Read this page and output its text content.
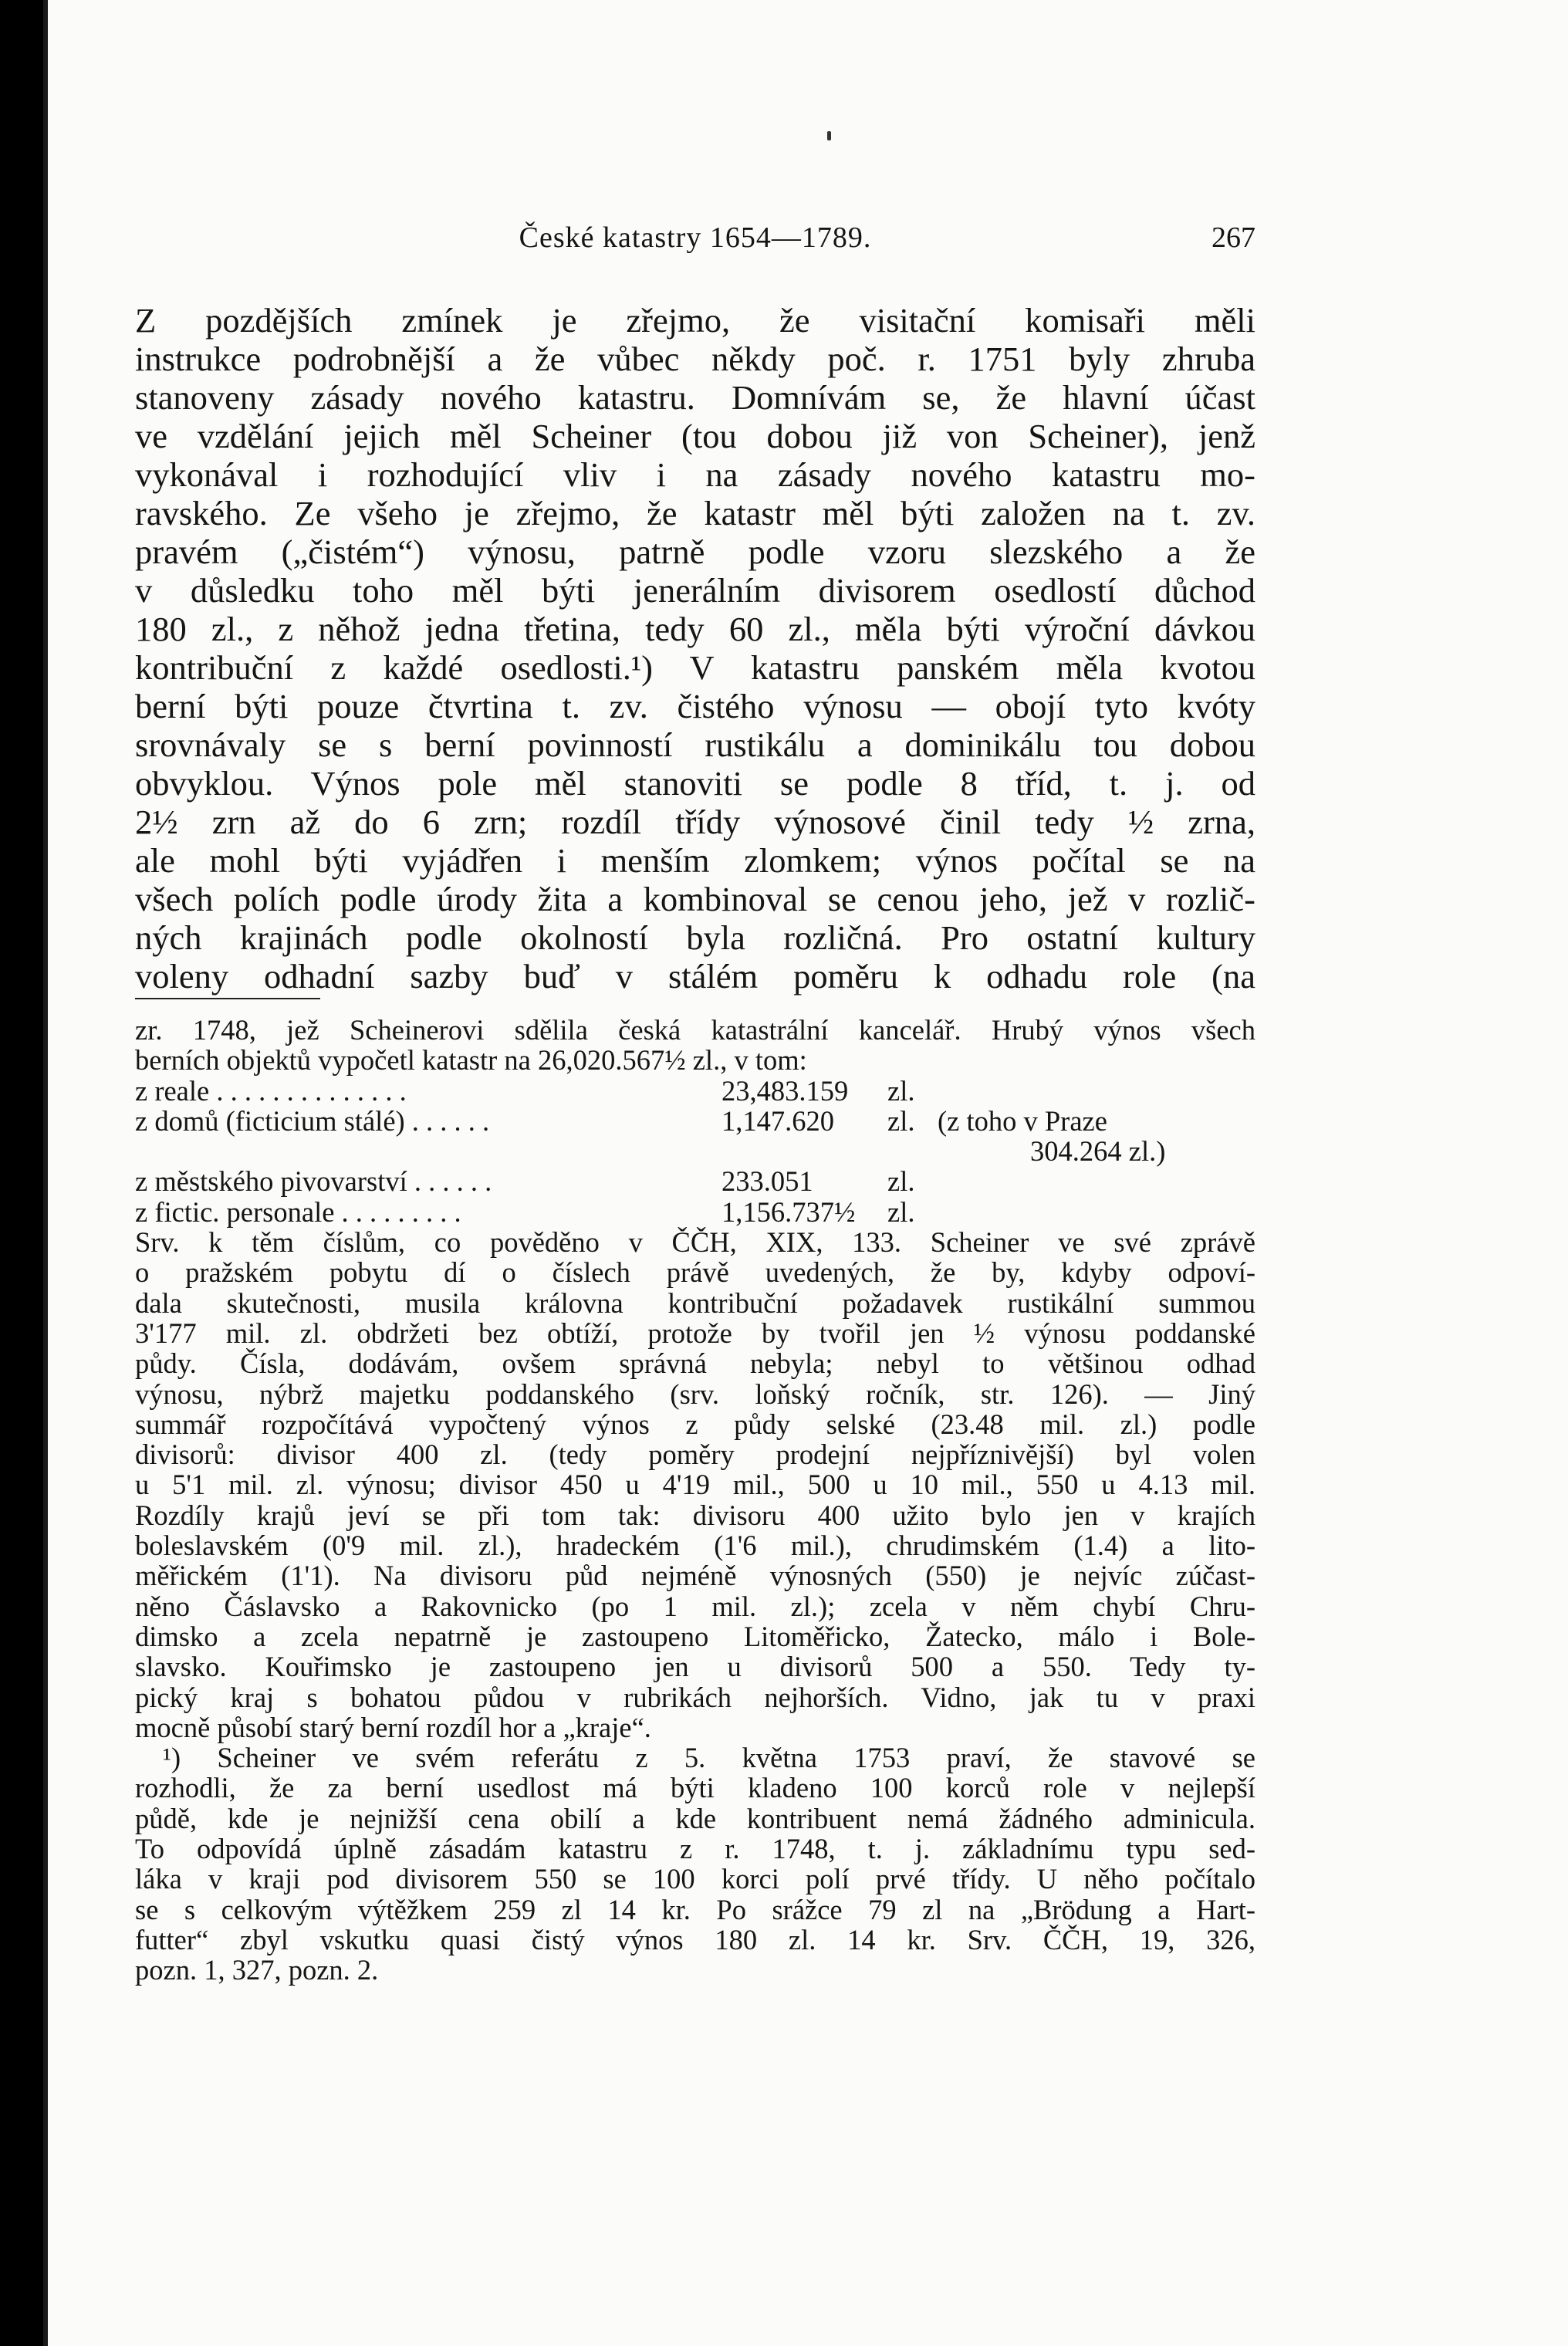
České katastry 1654—1789.	267
Z pozdějších zmínek je zřejmo, že visitační komisaři měli
instrukce podrobnější a že vůbec někdy poč. r. 1751 byly zhruba
stanoveny zásady nového katastru. Domnívám se, že hlavní účast
ve vzdělání jejich měl Scheiner (tou dobou již von Scheiner), jenž
vykonával i rozhodující vliv i na zásady nového katastru mo-
ravského. Ze všeho je zřejmo, že katastr měl býti založen na t. zv.
pravém („čistém“) výnosu, patrně podle vzoru slezského a že
v důsledku toho měl býti jenerálním divisorem osedlostí důchod
180 zl., z něhož jedna třetina, tedy 60 zl., měla býti výroční dávkou
kontribuční z každé osedlosti.¹) V katastru panském měla kvotou
berní býti pouze čtvrtina t. zv. čistého výnosu — obojí tyto kvóty
srovnávaly se s berní povinností rustikálu a dominikálu tou dobou
obvyklou. Výnos pole měl stanoviti se podle 8 tříd, t. j. od
2½ zrn až do 6 zrn; rozdíl třídy výnosové činil tedy ½ zrna,
ale mohl býti vyjádřen i menším zlomkem; výnos počítal se na
všech polích podle úrody žita a kombinoval se cenou jeho, jež v rozlič-
ných krajinách podle okolností byla rozličná. Pro ostatní kultury
voleny odhadní sazby buď v stálém poměru k odhadu role (na
zr. 1748, jež Scheinerovi sdělila česká katastrální kancelář. Hrubý výnos všech
berních objektů vypočetl katastr na 26,020.567½ zl., v tom:
z reale . . . . . . . . . . . . . .	23,483.159 zl.
z domů (ficticium stálé) . . . . . .	1,147.620 zl. (z toho v Praze
304.264 zl.)
z městského pivovarství . . . . . .	233.051	zl.
z fictic. personale . . . . . . . . .	1,156.737½ zl.
Srv. k těm číslům, co pověděno v ČČH, XIX, 133. Scheiner ve své zprávě
o pražském pobytu dí o číslech právě uvedených, že by, kdyby odpoví-
dala skutečnosti, musila královna kontribuční požadavek rustikální summou
3'177 mil. zl. obdržeti bez obtíží, protože by tvořil jen ½ výnosu poddanské
půdy. Čísla, dodávám, ovšem správná nebyla; nebyl to většinou odhad
výnosu, nýbrž majetku poddanského (srv. loňský ročník, str. 126). — Jiný
summář rozpočítává vypočtený výnos z půdy selské (23.48 mil. zl.) podle
divisorů: divisor 400 zl. (tedy poměry prodejní nejpříznivější) byl volen
u 5'1 mil. zl. výnosu; divisor 450 u 4'19 mil., 500 u 10 mil., 550 u 4.13 mil.
Rozdíly krajů jeví se při tom tak: divisoru 400 užito bylo jen v krajích
boleslavském (0'9 mil. zl.), hradeckém (1'6 mil.), chrudimském (1.4) a lito-
měřickém (1'1). Na divisoru půd nejméně výnosných (550) je nejvíc zúčast-
něno Čáslavsko a Rakovnicko (po 1 mil. zl.); zcela v něm chybí Chru-
dimsko a zcela nepatrně je zastoupeno Litoměřicko, Žatecko, málo i Bole-
slavsko. Kouřimsko je zastoupeno jen u divisorů 500 a 550. Tedy ty-
pický kraj s bohatou půdou v rubrikách nejhorších. Vidno, jak tu v praxi
mocně působí starý berní rozdíl hor a „kraje“.
¹) Scheiner ve svém referátu z 5. května 1753 praví, že stavové se
rozhodli, že za berní usedlost má býti kladeno 100 korců role v nejlepší
půdě, kde je nejnižší cena obilí a kde kontribuent nemá žádného adminicula.
To odpovídá úplně zásadám katastru z r. 1748, t. j. základnímu typu sed-
láka v kraji pod divisorem 550 se 100 korci polí prvé třídy. U něho počítalo
se s celkovým výtěžkem 259 zl 14 kr. Po srážce 79 zl na „Brödung a Hart-
futter“ zbyl vskutku quasi čistý výnos 180 zl. 14 kr. Srv. ČČH, 19, 326,
pozn. 1, 327, pozn. 2.
